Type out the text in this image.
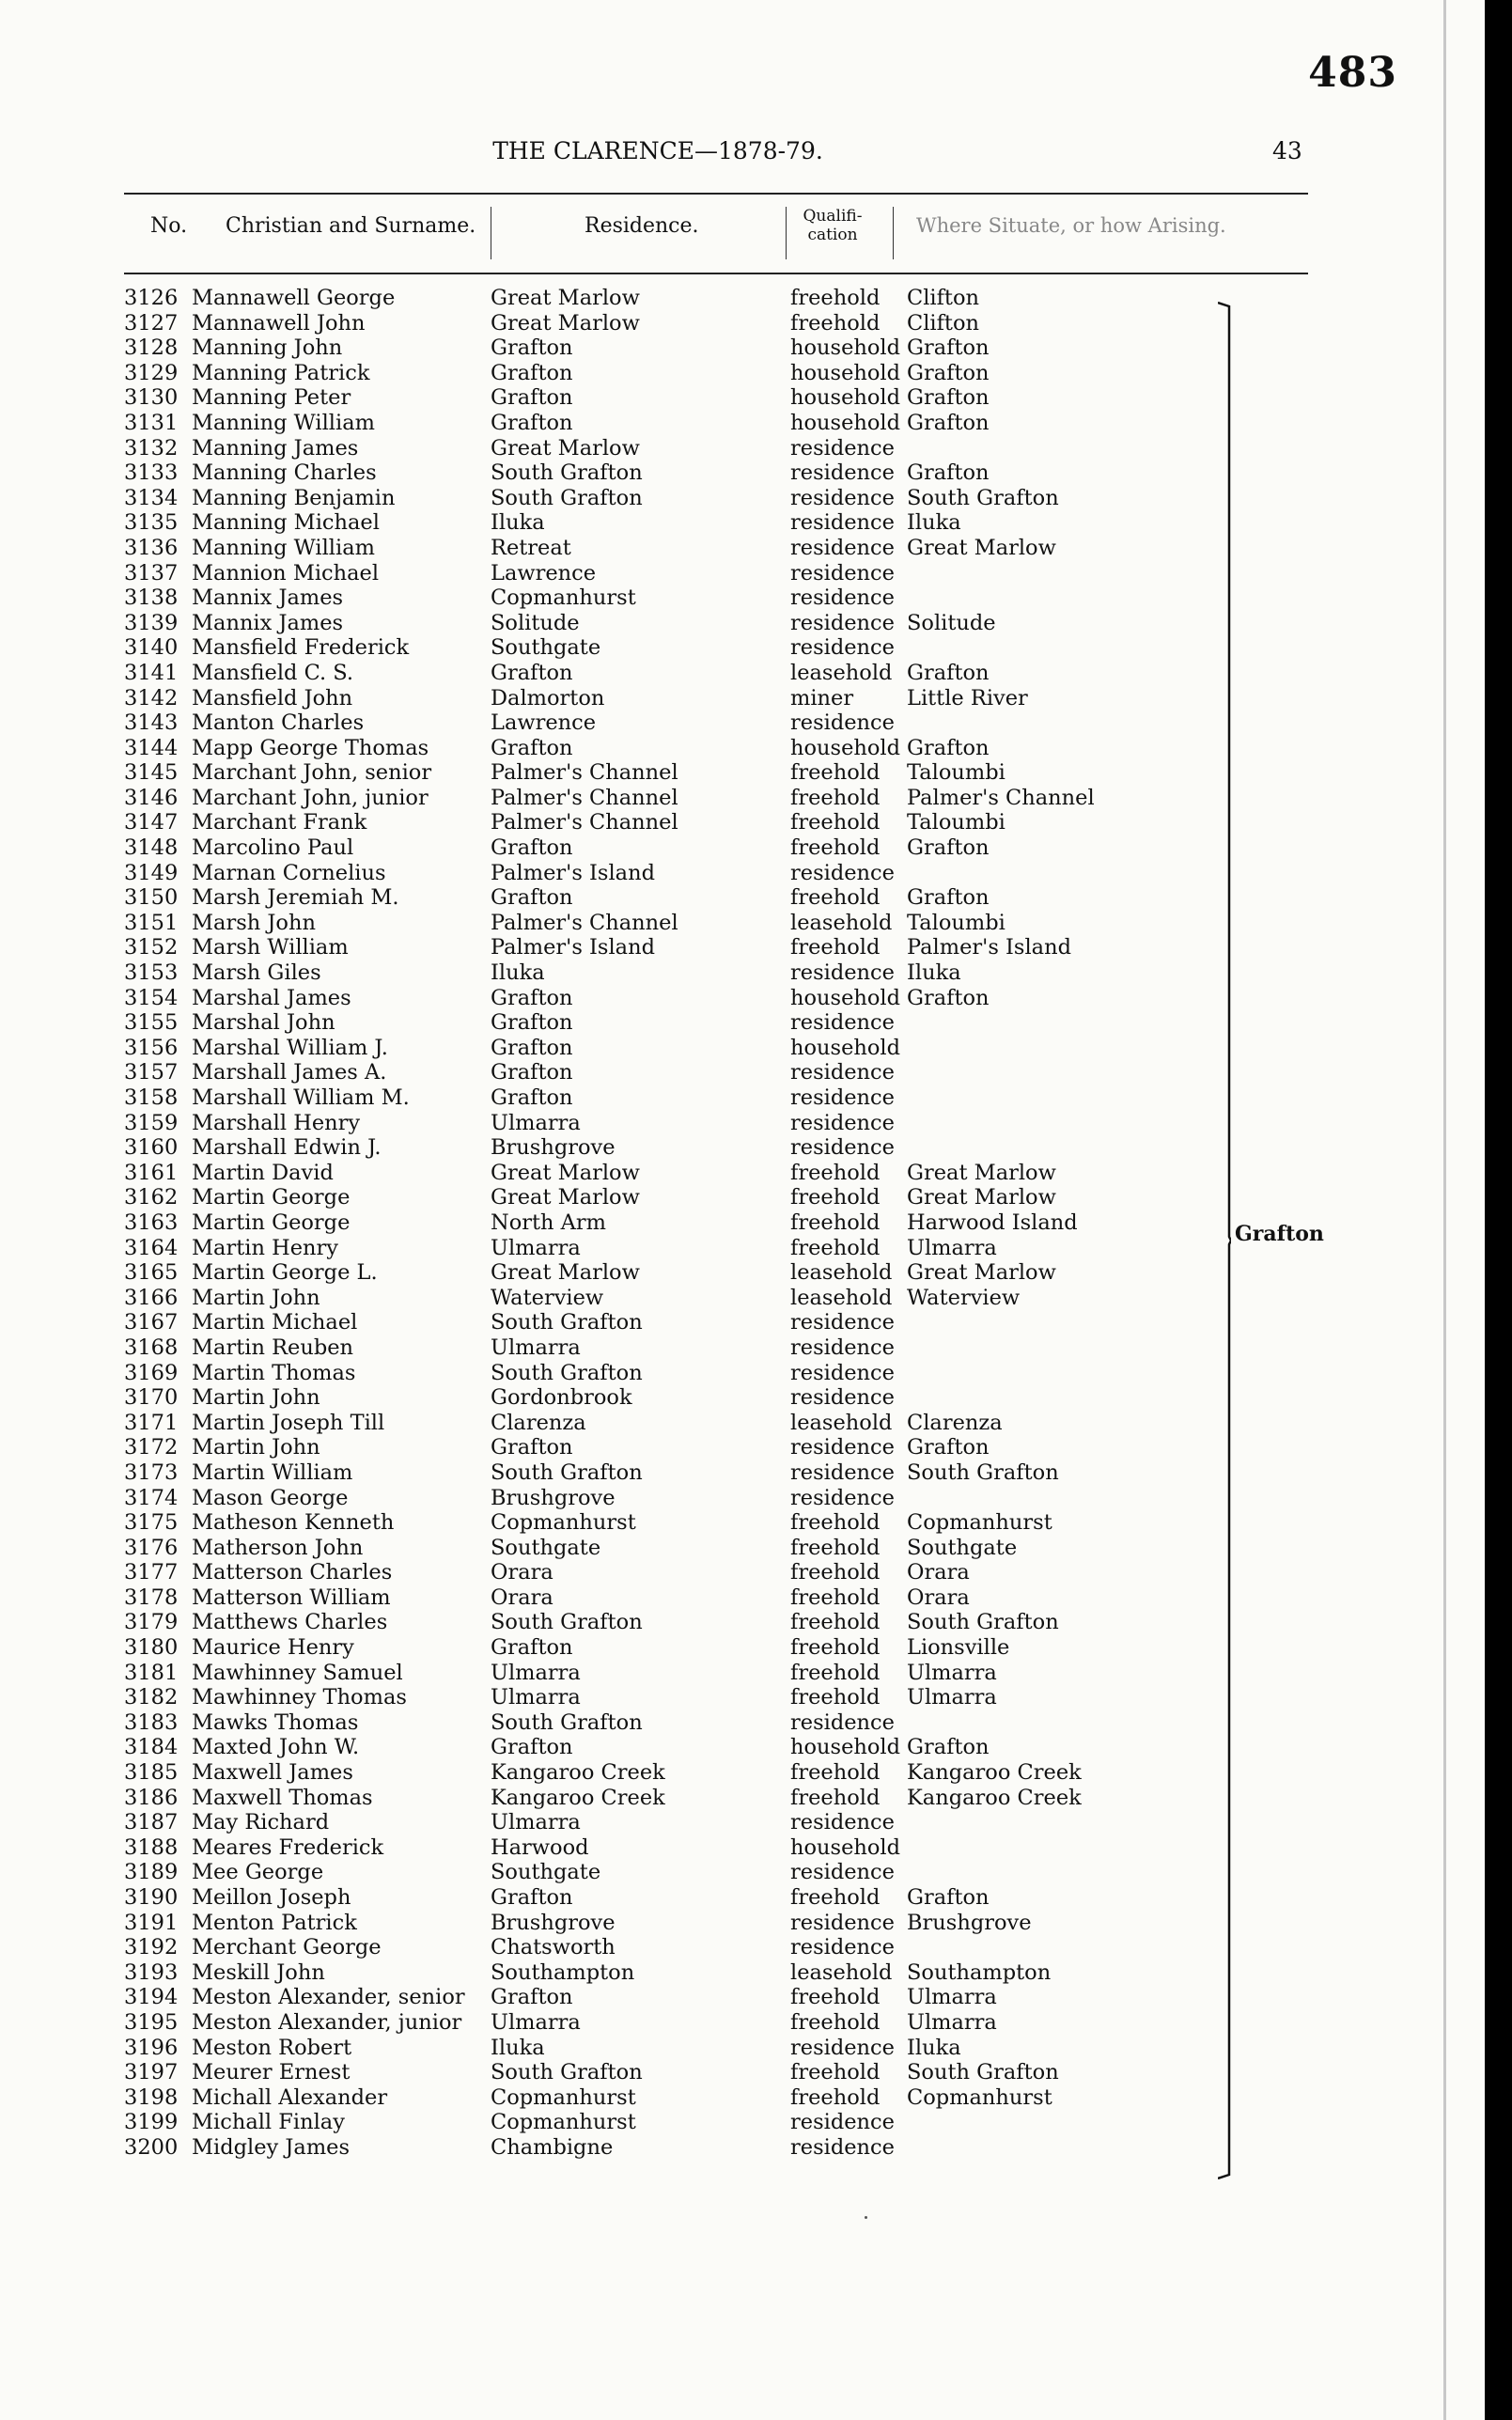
483
THE CLARENCE—1878-79.	43
No. Christian and Surname.	Residence.	Qualifi-
cation	Where Situate, or how Arising.
3126 Mannawell George	Great Marlow	freehold Clifton
3127 Mannawell John	Great Marlow	freehold Clifton
3128 Manning John	Grafton	household Grafton
3129 Manning Patrick	Grafton	household Grafton
3130 Manning Peter	Grafton	household Grafton
3131 Manning William	Grafton	household Grafton
3132 Manning James	Great Marlow	residence
3133 Manning Charles	South Grafton	residence Grafton
3134 Manning Benjamin	South Grafton	residence South Grafton
3135 Manning Michael	Iluka	residence Iluka
3136 Manning William	Retreat	residence Great Marlow
3137 Mannion Michael	Lawrence	residence
3138 Mannix James	Copmanhurst	residence
3139 Mannix James	Solitude	residence Solitude
3140 Mansfield Frederick	Southgate	residence
3141 Mansfield C. S.	Grafton	leasehold Grafton
3142 Mansfield John	Dalmorton	miner	Little River
3143 Manton Charles	Lawrence	residence
3144 Mapp George Thomas	Grafton	household Grafton
3145 Marchant John, senior	Palmer's Channel	freehold Taloumbi
3146 Marchant John, junior	Palmer's Channel	freehold Palmer's Channel
3147 Marchant Frank	Palmer's Channel	freehold Taloumbi
3148 Marcolino Paul	Grafton	freehold Grafton
3149 Marnan Cornelius	Palmer's Island	residence
3150 Marsh Jeremiah M.	Grafton	freehold Grafton
3151 Marsh John	Palmer's Channel	leasehold Taloumbi
3152 Marsh William	Palmer's Island	freehold Palmer's Island
3153 Marsh Giles	Iluka	residence Iluka
3154 Marshal James	Grafton	household Grafton
3155 Marshal John	Grafton	residence
3156 Marshal William J.	Grafton	household
3157 Marshall James A.	Grafton	residence
3158 Marshall William M.	Grafton	residence
3159 Marshall Henry	Ulmarra	residence
3160 Marshall Edwin J.	Brushgrove	residence
3161 Martin David	Great Marlow	freehold Great Marlow
3162 Martin George	Great Marlow	freehold Great Marlow
3163 Martin George	North Arm	freehold Harwood Island
3164 Martin Henry	Ulmarra	freehold Ulmarra
3165 Martin George L.	Great Marlow	leasehold Great Marlow
3166 Martin John	Waterview	leasehold Waterview
3167 Martin Michael	South Grafton	residence
3168 Martin Reuben	Ulmarra	residence
3169 Martin Thomas	South Grafton	residence
3170 Martin John	Gordonbrook	residence
3171 Martin Joseph Till	Clarenza	leasehold Clarenza
3172 Martin John	Grafton	residence Grafton
3173 Martin William	South Grafton	residence South Grafton
3174 Mason George	Brushgrove	residence
3175 Matheson Kenneth	Copmanhurst	freehold Copmanhurst
3176 Matherson John	Southgate	freehold Southgate
3177 Matterson Charles	Orara	freehold Orara
3178 Matterson William	Orara	freehold Orara
3179 Matthews Charles	South Grafton	freehold South Grafton
3180 Maurice Henry	Grafton	freehold Lionsville
3181 Mawhinney Samuel	Ulmarra	freehold Ulmarra
3182 Mawhinney Thomas	Ulmarra	freehold Ulmarra
3183 Mawks Thomas	South Grafton	residence
3184 Maxted John W.	Grafton	household Grafton
3185 Maxwell James	Kangaroo Creek	freehold Kangaroo Creek
3186 Maxwell Thomas	Kangaroo Creek	freehold Kangaroo Creek
3187 May Richard	Ulmarra	residence
3188 Meares Frederick	Harwood	household
3189 Mee George	Southgate	residence
3190 Meillon Joseph	Grafton	freehold Grafton
3191 Menton Patrick	Brushgrove	residence Brushgrove
3192 Merchant George	Chatsworth	residence
3193 Meskill John	Southampton	leasehold Southampton
3194 Meston Alexander, senior Grafton	freehold Ulmarra
3195 Meston Alexander, junior Ulmarra	freehold Ulmarra
3196 Meston Robert	Iluka	residence Iluka
3197 Meurer Ernest	South Grafton	freehold South Grafton
3198 Michall Alexander	Copmanhurst	freehold Copmanhurst
3199 Michall Finlay	Copmanhurst	residence
3200 Midgley James	Chambigne	residence
Grafton
